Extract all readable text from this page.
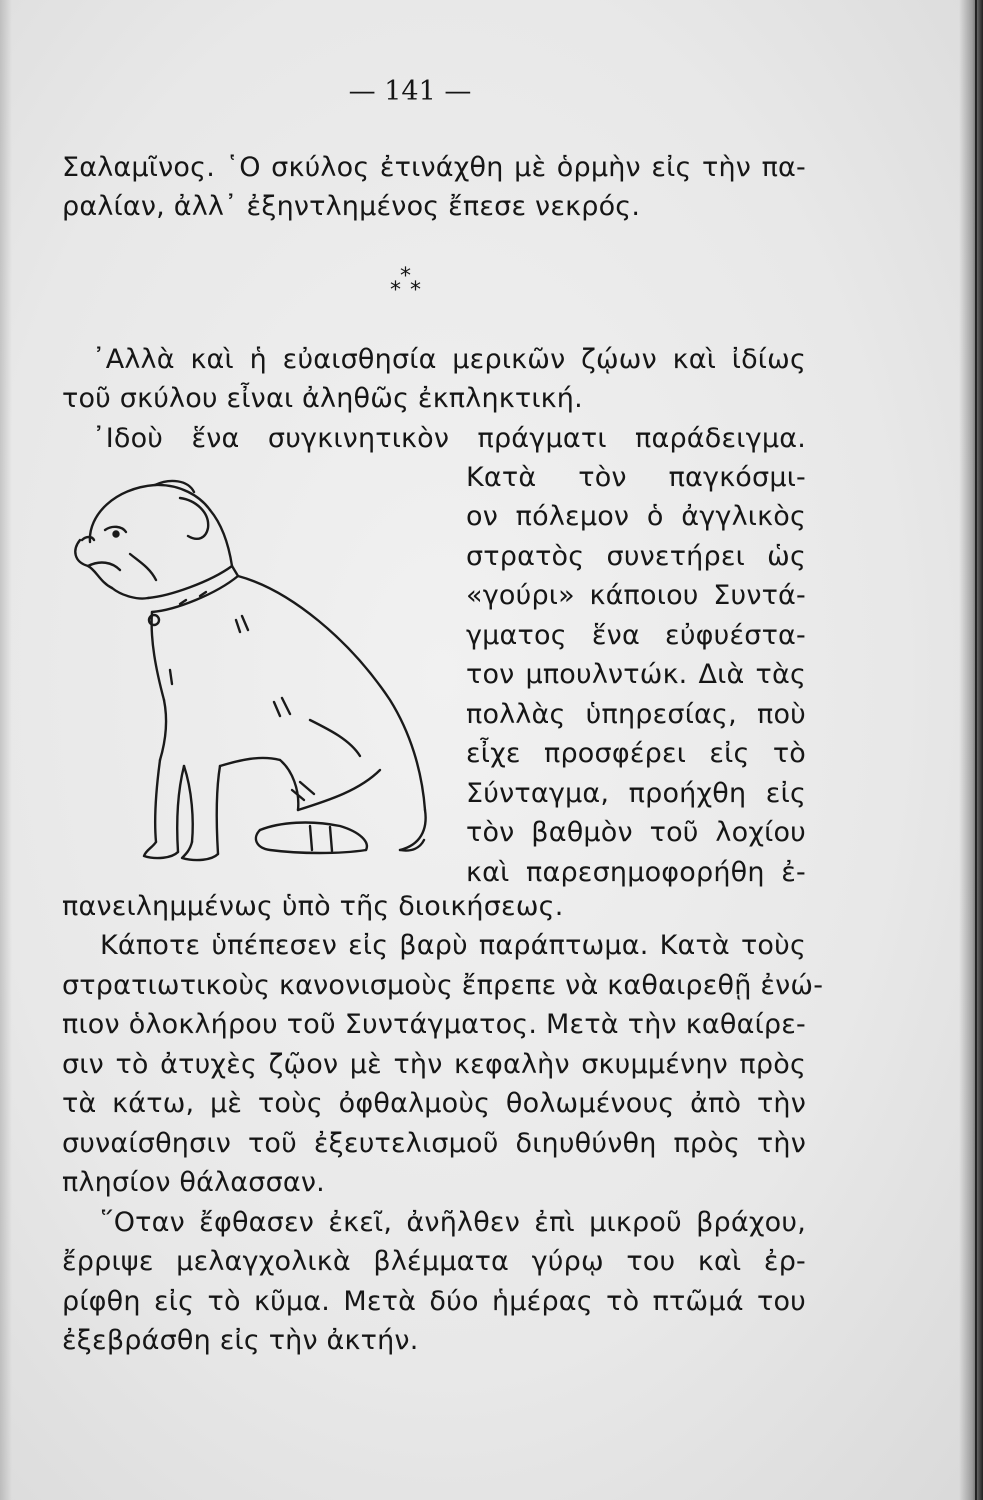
— 141 —
Σαλαμῖνος. ῾Ο σκύλος ἐτινάχθη μὲ ὁρμὴν εἰς τὴν πα-
ραλίαν, ἀλλ᾽ ἐξηντλημένος ἔπεσε νεκρός.
*
* *
᾽Αλλὰ καὶ ἡ εὐαισθησία μερικῶν ζῴων καὶ ἰδίως
τοῦ σκύλου εἶναι ἀληθῶς ἐκπληκτική.
᾽Ιδοὺ ἕνα συγκινητικὸν πράγματι παράδειγμα.
Κατὰ τὸν παγκόσμι-
ον πόλεμον ὁ ἀγγλικὸς
στρατὸς συνετήρει ὡς
«γούρι» κάποιου Συντά-
γματος ἕνα εὐφυέστα-
τον μπουλντώκ. Διὰ τὰς
πολλὰς ὑπηρεσίας, ποὺ
εἶχε προσφέρει εἰς τὸ
Σύνταγμα, προήχθη εἰς
τὸν βαθμὸν τοῦ λοχίου
καὶ παρεσημοφορήθη ἐ-
πανειλημμένως ὑπὸ τῆς διοικήσεως.
Κάποτε ὑπέπεσεν εἰς βαρὺ παράπτωμα. Κατὰ τοὺς
στρατιωτικοὺς κανονισμοὺς ἔπρεπε νὰ καθαιρεθῇ ἐνώ-
πιον ὁλοκλήρου τοῦ Συντάγματος. Μετὰ τὴν καθαίρε-
σιν τὸ ἀτυχὲς ζῷον μὲ τὴν κεφαλὴν σκυμμένην πρὸς
τὰ κάτω, μὲ τοὺς ὀφθαλμοὺς θολωμένους ἀπὸ τὴν
συναίσθησιν τοῦ ἐξευτελισμοῦ διηυθύνθη πρὸς τὴν
πλησίον θάλασσαν.
῞Οταν ἔφθασεν ἐκεῖ, ἀνῆλθεν ἐπὶ μικροῦ βράχου,
ἔρριψε μελαγχολικὰ βλέμματα γύρῳ του καὶ ἐρ-
ρίφθη εἰς τὸ κῦμα. Μετὰ δύο ἡμέρας τὸ πτῶμά του
ἐξεβράσθη εἰς τὴν ἀκτήν.
